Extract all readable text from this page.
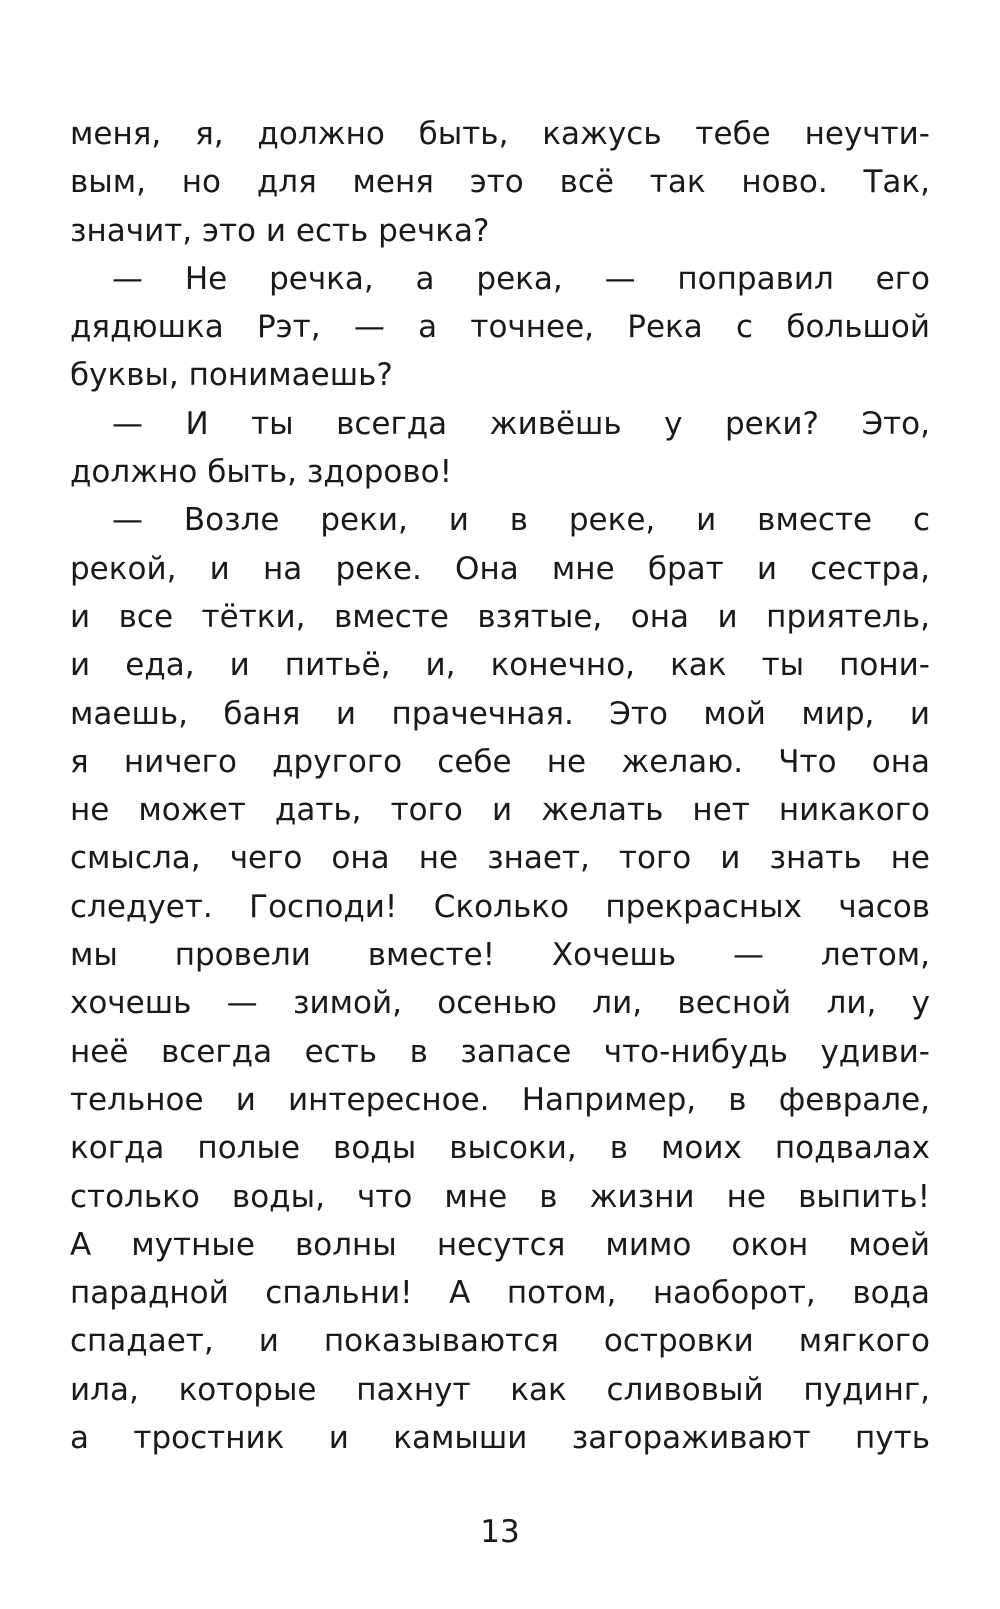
меня, я, должно быть, кажусь тебе неучти-
вым, но для меня это всё так ново. Так,
значит, это и есть речка?
— Не речка, а река, — поправил его
дядюшка Рэт, — а точнее, Река с большой
буквы, понимаешь?
— И ты всегда живёшь у реки? Это,
должно быть, здорово!
— Возле реки, и в реке, и вместе с
рекой, и на реке. Она мне брат и сестра,
и все тётки, вместе взятые, она и приятель,
и еда, и питьё, и, конечно, как ты пони-
маешь, баня и прачечная. Это мой мир, и
я ничего другого себе не желаю. Что она
не может дать, того и желать нет никакого
смысла, чего она не знает, того и знать не
следует. Господи! Сколько прекрасных часов
мы провели вместе! Хочешь — летом,
хочешь — зимой, осенью ли, весной ли, у
неё всегда есть в запасе что-нибудь удиви-
тельное и интересное. Например, в феврале,
когда полые воды высоки, в моих подвалах
столько воды, что мне в жизни не выпить!
А мутные волны несутся мимо окон моей
парадной спальни! А потом, наоборот, вода
спадает, и показываются островки мягкого
ила, которые пахнут как сливовый пудинг,
а тростник и камыши загораживают путь
13
